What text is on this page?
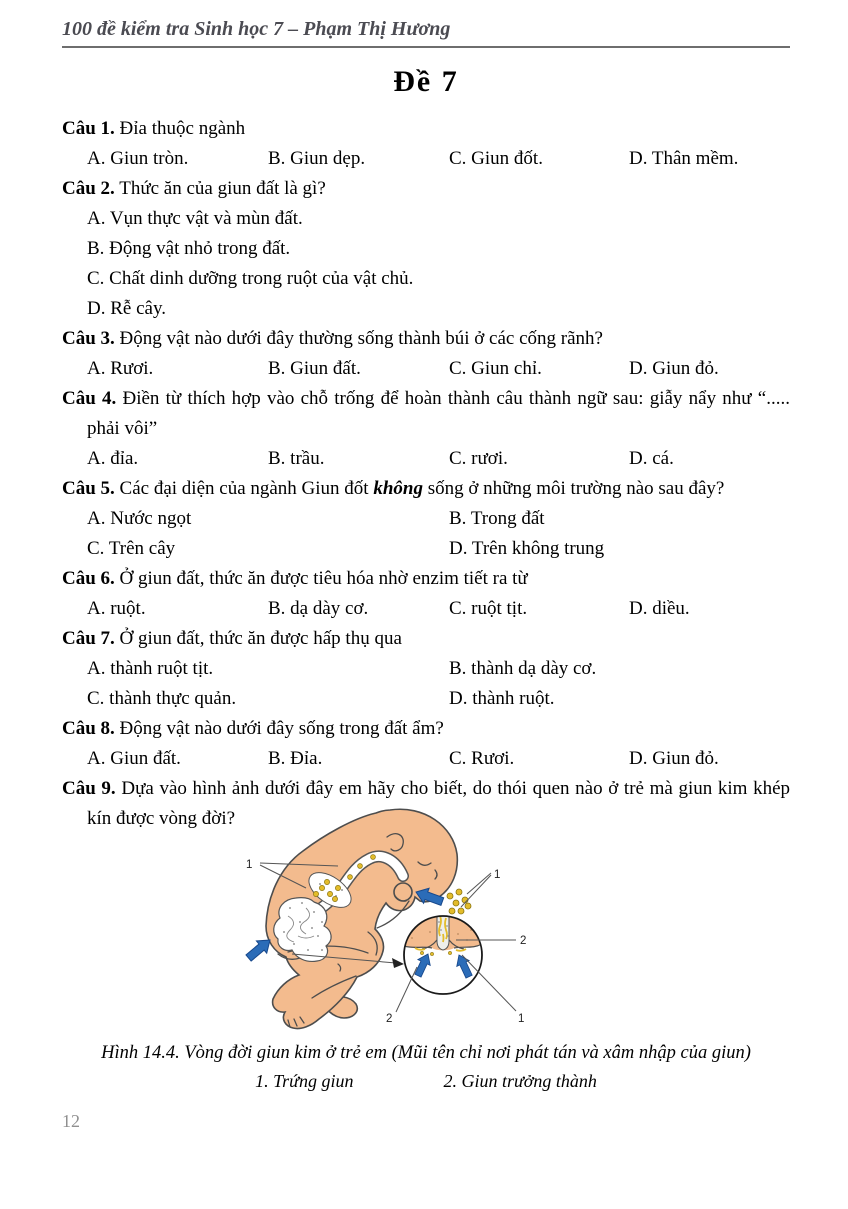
100 đề kiểm tra Sinh học 7 – Phạm Thị Hương
Đề 7

Câu 1. Đỉa thuộc ngành

A. Giun tròn.	B. Giun dẹp.	C. Giun đốt.	D. Thân mềm.

Câu 2. Thức ăn của giun đất là gì?

A. Vụn thực vật và mùn đất.
B. Động vật nhỏ trong đất.
C. Chất dinh dưỡng trong ruột của vật chủ.
D. Rễ cây.

Câu 3. Động vật nào dưới đây thường sống thành búi ở các cống rãnh?

A. Rươi.	B. Giun đất.	C. Giun chỉ.	D. Giun đỏ.

Câu 4. Điền từ thích hợp vào chỗ trống để hoàn thành câu thành ngữ sau: giẫy nẩy như “..... phải vôi”

A. đỉa.	B. trầu.	C. rươi.	D. cá.

Câu 5. Các đại diện của ngành Giun đốt không sống ở những môi trường nào sau đây?

A. Nước ngọt	B. Trong đất
C. Trên cây	D. Trên không trung

Câu 6. Ở giun đất, thức ăn được tiêu hóa nhờ enzim tiết ra từ

A. ruột.	B. dạ dày cơ.	C. ruột tịt.	D. diều.

Câu 7. Ở giun đất, thức ăn được hấp thụ qua

A. thành ruột tịt.	B. thành dạ dày cơ.
C. thành thực quản.	D. thành ruột.

Câu 8. Động vật nào dưới đây sống trong đất ẩm?

A. Giun đất.	B. Đỉa.	C. Rươi.	D. Giun đỏ.

Câu 9. Dựa vào hình ảnh dưới đây em hãy cho biết, do thói quen nào ở trẻ mà giun kim khép kín được vòng đời?

1
1
2
2	1
Hình 14.4. Vòng đời giun kim ở trẻ em (Mũi tên chỉ nơi phát tán và xâm nhập của giun)
1. Trứng giun	2. Giun trưởng thành
12
